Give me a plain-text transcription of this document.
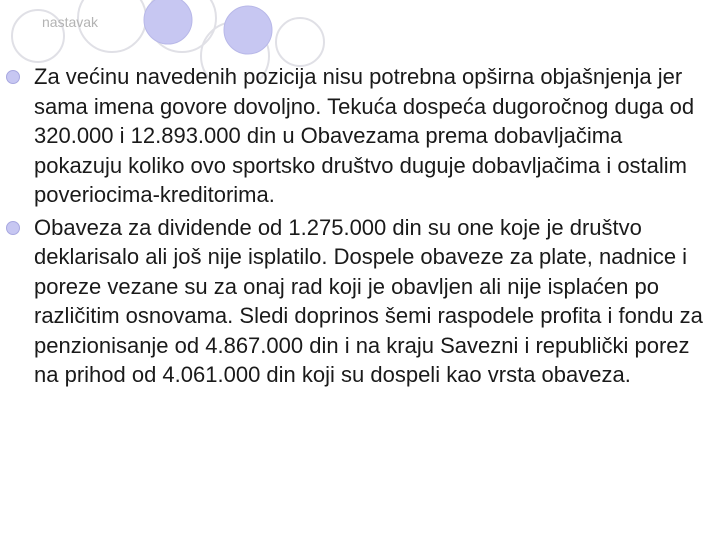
nastavak
Za većinu navedenih pozicija nisu potrebna opširna objašnjenja jer sama imena govore dovoljno. Tekuća dospeća dugoročnog duga od 320.000 i 12.893.000 din u Obavezama prema dobavljačima pokazuju koliko ovo sportsko društvo duguje dobavljačima i ostalim poveriocima-kreditorima.
Obaveza za dividende od 1.275.000 din su one koje je društvo deklarisalo ali još nije isplatilo. Dospele obaveze za plate, nadnice i poreze vezane su za onaj rad koji je obavljen ali nije isplaćen po različitim osnovama. Sledi doprinos šemi raspodele profita i fondu za penzionisanje od 4.867.000 din i na kraju Savezni i republički porez na prihod od 4.061.000 din koji su dospeli kao vrsta obaveza.
